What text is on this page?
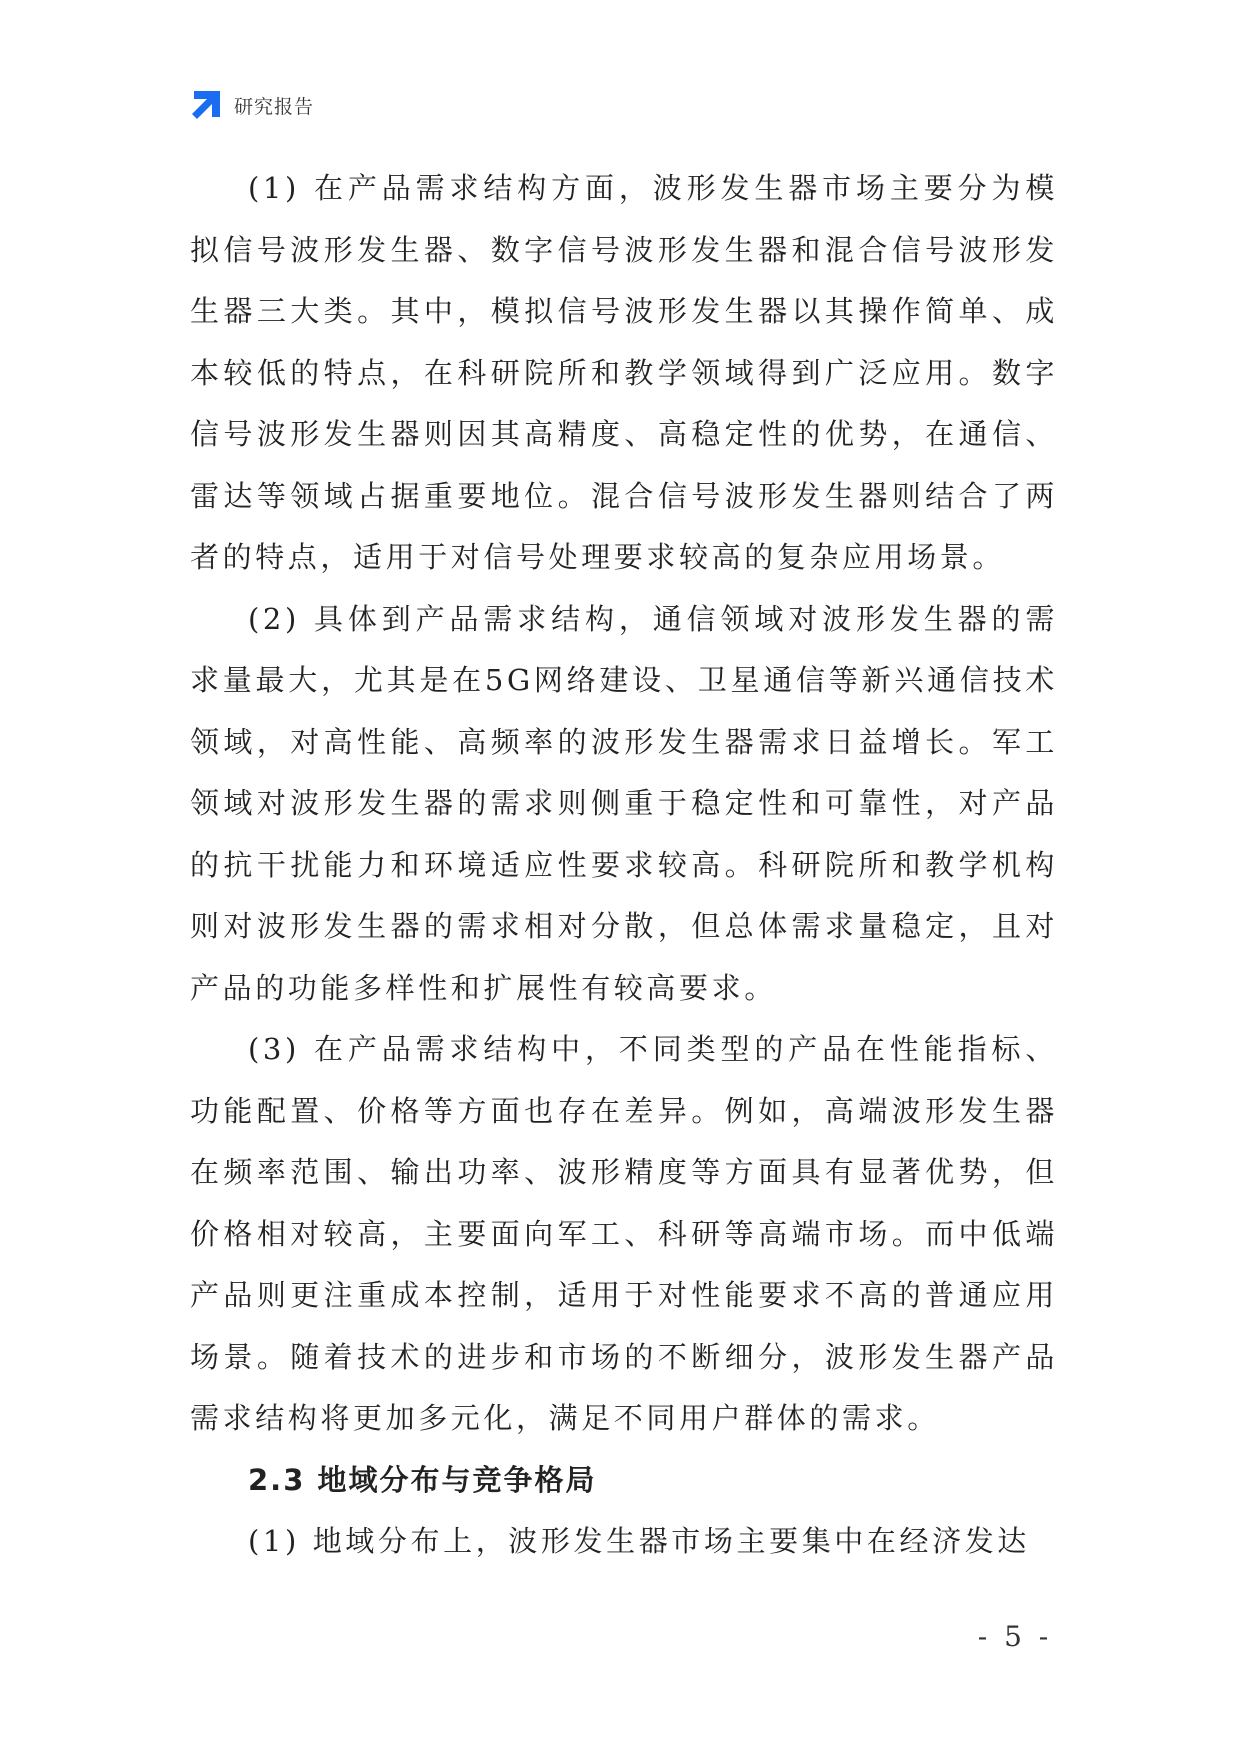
研究报告

(1) 在产品需求结构方面，波形发生器市场主要分为模拟信号波形发生器、数字信号波形发生器和混合信号波形发生器三大类。其中，模拟信号波形发生器以其操作简单、成本较低的特点，在科研院所和教学领域得到广泛应用。数字信号波形发生器则因其高精度、高稳定性的优势，在通信、雷达等领域占据重要地位。混合信号波形发生器则结合了两者的特点，适用于对信号处理要求较高的复杂应用场景。

(2) 具体到产品需求结构，通信领域对波形发生器的需求量最大，尤其是在5G网络建设、卫星通信等新兴通信技术领域，对高性能、高频率的波形发生器需求日益增长。军工领域对波形发生器的需求则侧重于稳定性和可靠性，对产品的抗干扰能力和环境适应性要求较高。科研院所和教学机构则对波形发生器的需求相对分散，但总体需求量稳定，且对产品的功能多样性和扩展性有较高要求。

(3) 在产品需求结构中，不同类型的产品在性能指标、功能配置、价格等方面也存在差异。例如，高端波形发生器在频率范围、输出功率、波形精度等方面具有显著优势，但价格相对较高，主要面向军工、科研等高端市场。而中低端产品则更注重成本控制，适用于对性能要求不高的普通应用场景。随着技术的进步和市场的不断细分，波形发生器产品需求结构将更加多元化，满足不同用户群体的需求。

2.3 地域分布与竞争格局

(1) 地域分布上，波形发生器市场主要集中在经济发达

- 5 -
